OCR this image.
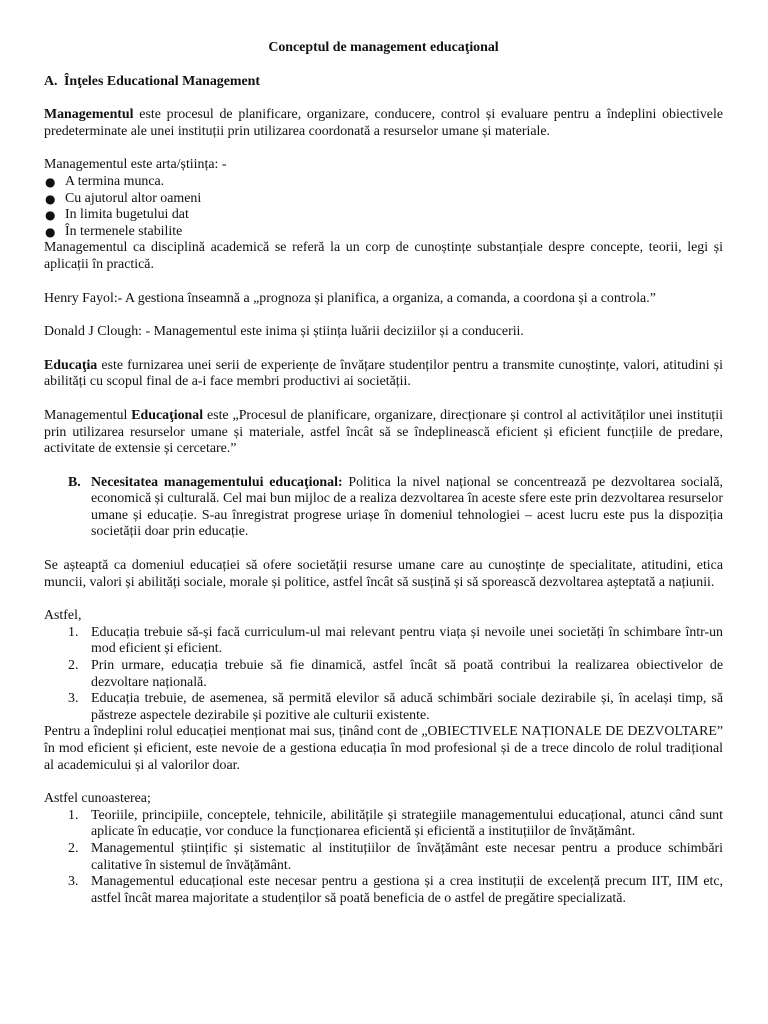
Conceptul de management educaţional

A. Înţeles Educational Management

Managementul este procesul de planificare, organizare, conducere, control și evaluare pentru a îndeplini obiectivele predeterminate ale unei instituții prin utilizarea coordonată a resurselor umane și materiale.

Managementul este arta/știința: -

● A termina munca.
● Cu ajutorul altor oameni
● In limita bugetului dat
● În termenele stabilite

Managementul ca disciplină academică se referă la un corp de cunoștințe substanțiale despre concepte, teorii, legi și aplicații în practică.

Henry Fayol:- A gestiona înseamnă a „prognoza și planifica, a organiza, a comanda, a coordona și a controla.”

Donald J Clough: - Managementul este inima și știința luării deciziilor și a conducerii.

Educaţia este furnizarea unei serii de experiențe de învățare studenților pentru a transmite cunoștințe, valori, atitudini și abilități cu scopul final de a-i face membri productivi ai societății.

Managementul Educaţional este „Procesul de planificare, organizare, direcționare și control al activităților unei instituții prin utilizarea resurselor umane și materiale, astfel încât să se îndeplinească eficient și eficient funcțiile de predare, activitate de extensie și cercetare.”

B. Necesitatea managementului educaţional: Politica la nivel național se concentrează pe dezvoltarea socială, economică și culturală. Cel mai bun mijloc de a realiza dezvoltarea în aceste sfere este prin dezvoltarea resurselor umane și educație. S-au înregistrat progrese uriașe în domeniul tehnologiei – acest lucru este pus la dispoziția societății doar prin educație.

Se așteaptă ca domeniul educației să ofere societății resurse umane care au cunoștințe de specialitate, atitudini, etica muncii, valori și abilități sociale, morale și politice, astfel încât să susțină și să sporească dezvoltarea așteptată a națiunii.

Astfel,

1. Educația trebuie să-și facă curriculum-ul mai relevant pentru viața și nevoile unei societăți în schimbare într-un mod eficient și eficient.
2. Prin urmare, educația trebuie să fie dinamică, astfel încât să poată contribui la realizarea obiectivelor de dezvoltare națională.
3. Educația trebuie, de asemenea, să permită elevilor să aducă schimbări sociale dezirabile și, în același timp, să păstreze aspectele dezirabile și pozitive ale culturii existente.

Pentru a îndeplini rolul educației menționat mai sus, ținând cont de „OBIECTIVELE NAȚIONALE DE DEZVOLTARE” în mod eficient și eficient, este nevoie de a gestiona educația în mod profesional și de a trece dincolo de rolul tradițional al academicului și al valorilor doar.

Astfel cunoasterea;

1. Teoriile, principiile, conceptele, tehnicile, abilitățile și strategiile managementului educațional, atunci când sunt aplicate în educație, vor conduce la funcționarea eficientă și eficientă a instituțiilor de învățământ.
2. Managementul științific și sistematic al instituțiilor de învățământ este necesar pentru a produce schimbări calitative în sistemul de învățământ.
3. Managementul educațional este necesar pentru a gestiona și a crea instituții de excelență precum IIT, IIM etc, astfel încât marea majoritate a studenților să poată beneficia de o astfel de pregătire specializată.
